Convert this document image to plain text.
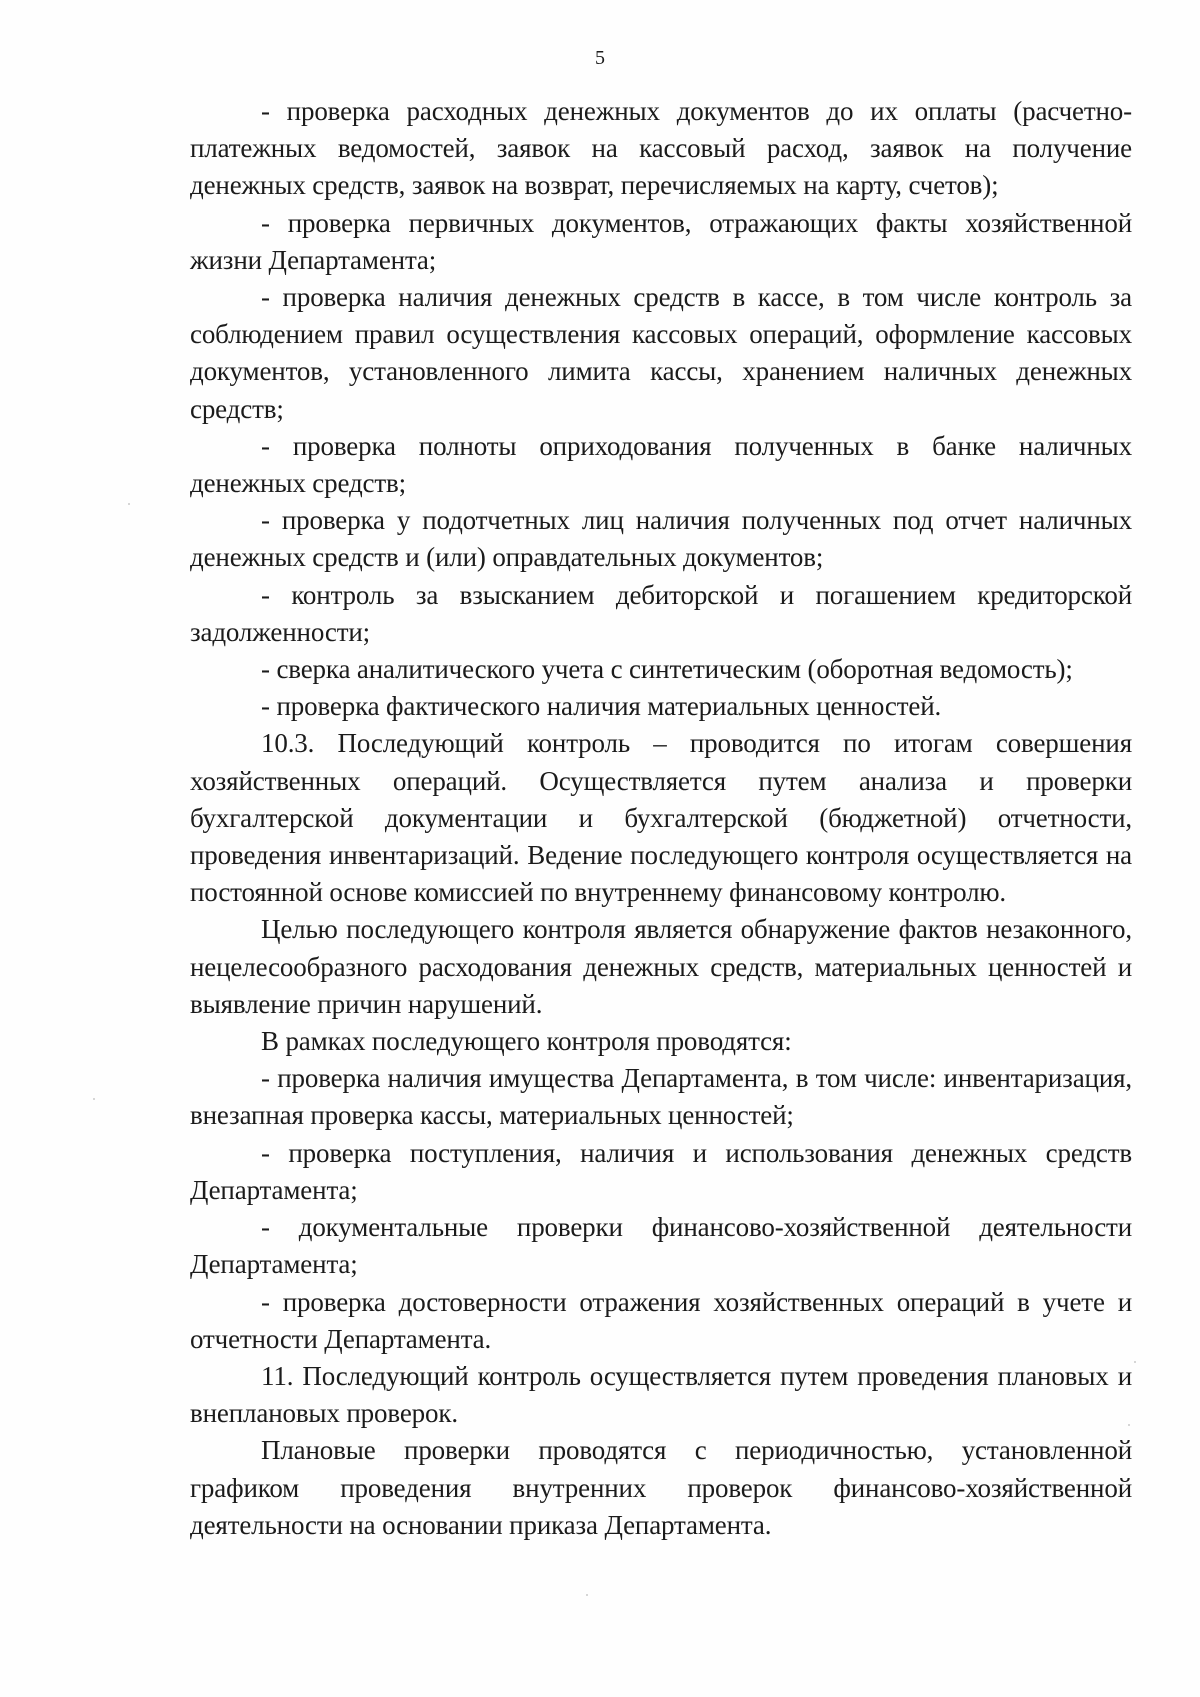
5

- проверка расходных денежных документов до их оплаты (расчетно-платежных ведомостей, заявок на кассовый расход, заявок на получение денежных средств, заявок на возврат, перечисляемых на карту, счетов);

- проверка первичных документов, отражающих факты хозяйственной жизни Департамента;

- проверка наличия денежных средств в кассе, в том числе контроль за соблюдением правил осуществления кассовых операций, оформление кассовых документов, установленного лимита кассы, хранением наличных денежных средств;

- проверка полноты оприходования полученных в банке наличных денежных средств;

- проверка у подотчетных лиц наличия полученных под отчет наличных денежных средств и (или) оправдательных документов;

- контроль за взысканием дебиторской и погашением кредиторской задолженности;

- сверка аналитического учета с синтетическим (оборотная ведомость);

- проверка фактического наличия материальных ценностей.

10.3. Последующий контроль – проводится по итогам совершения хозяйственных операций. Осуществляется путем анализа и проверки бухгалтерской документации и бухгалтерской (бюджетной) отчетности, проведения инвентаризаций. Ведение последующего контроля осуществляется на постоянной основе комиссией по внутреннему финансовому контролю.

Целью последующего контроля является обнаружение фактов незаконного, нецелесообразного расходования денежных средств, материальных ценностей и выявление причин нарушений.

В рамках последующего контроля проводятся:

- проверка наличия имущества Департамента, в том числе: инвентаризация, внезапная проверка кассы, материальных ценностей;

- проверка поступления, наличия и использования денежных средств Департамента;

- документальные проверки финансово-хозяйственной деятельности Департамента;

- проверка достоверности отражения хозяйственных операций в учете и отчетности Департамента.

11. Последующий контроль осуществляется путем проведения плановых и внеплановых проверок.

Плановые проверки проводятся с периодичностью, установленной графиком проведения внутренних проверок финансово-хозяйственной деятельности на основании приказа Департамента.
